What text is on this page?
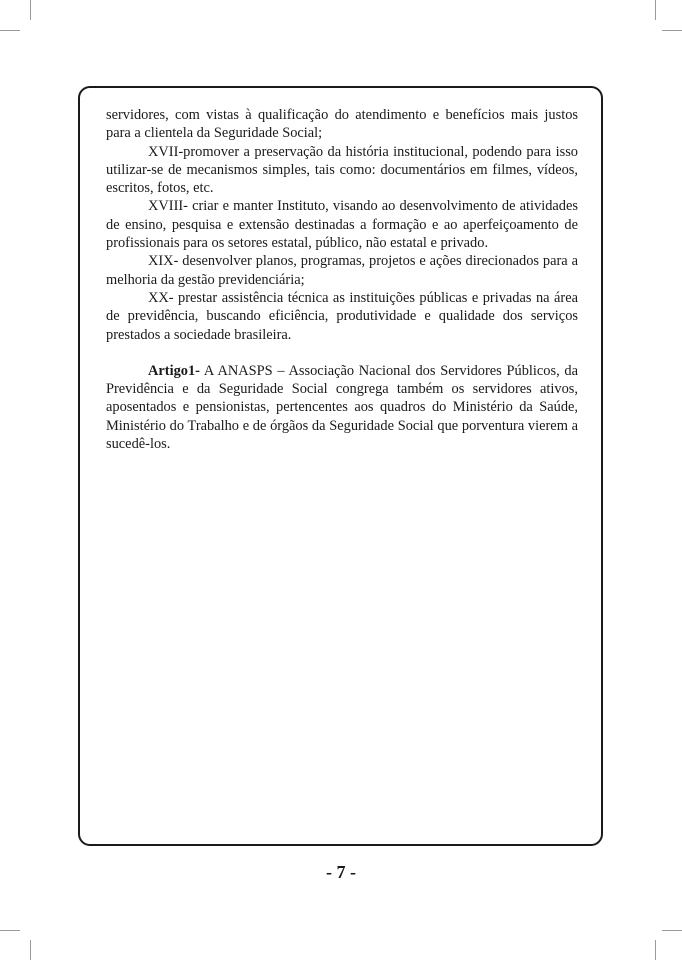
servidores, com vistas à qualificação do atendimento e benefícios mais justos para a clientela da Seguridade Social;

XVII-promover a preservação da história institucional, podendo para isso utilizar-se de mecanismos simples, tais como: documentários em filmes, vídeos, escritos, fotos, etc.

XVIII- criar e manter Instituto, visando ao desenvolvimento de atividades de ensino, pesquisa e extensão destinadas a formação e ao aperfeiçoamento de profissionais para os setores estatal, público, não estatal e privado.

XIX- desenvolver planos, programas, projetos e ações direcionados para a melhoria da gestão previdenciária;

XX- prestar assistência técnica as instituições públicas e privadas na área de previdência, buscando eficiência, produtividade e qualidade dos serviços prestados a sociedade brasileira.

Artigo1- A ANASPS – Associação Nacional dos Servidores Públicos, da Previdência e da Seguridade Social congrega também os servidores ativos, aposentados e pensionistas, pertencentes aos quadros do Ministério da Saúde, Ministério do Trabalho e de órgãos da Seguridade Social que porventura vierem a sucedê-los.

- 7 -
